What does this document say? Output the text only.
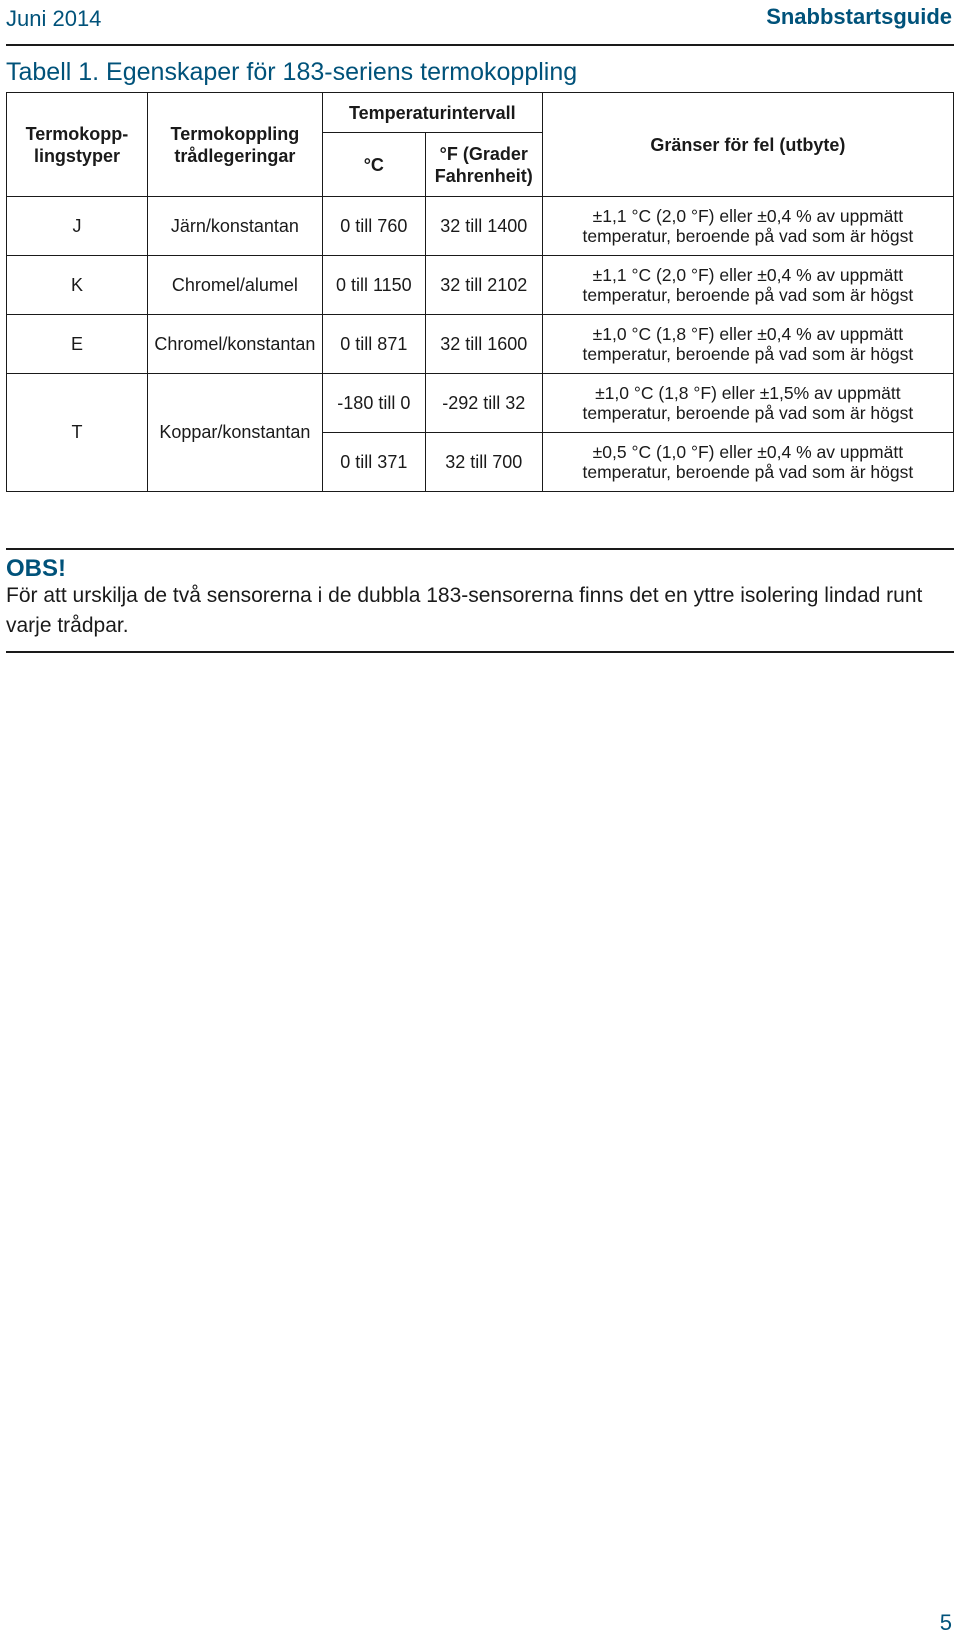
Juni 2014	Snabbstartsguide
Tabell 1. Egenskaper för 183-seriens termokoppling
Termokopp-
lingstyper	Termokoppling
trådlegeringar	Temperaturintervall		Gränser för fel (utbyte)
		°C	°F (Grader
Fahrenheit)	
J	Järn/konstantan	0 till 760	32 till 1400	±1,1 °C (2,0 °F) eller ±0,4 % av uppmätt
temperatur, beroende på vad som är högst
K	Chromel/alumel	0 till 1150	32 till 2102	±1,1 °C (2,0 °F) eller ±0,4 % av uppmätt
temperatur, beroende på vad som är högst
E	Chromel/konstantan	0 till 871	32 till 1600	±1,0 °C (1,8 °F) eller ±0,4 % av uppmätt
temperatur, beroende på vad som är högst
T	Koppar/konstantan	-180 till 0	-292 till 32	±1,0 °C (1,8 °F) eller ±1,5% av uppmätt
temperatur, beroende på vad som är högst
		0 till 371	32 till 700	±0,5 °C (1,0 °F) eller ±0,4 % av uppmätt
temperatur, beroende på vad som är högst
OBS!
För att urskilja de två sensorerna i de dubbla 183-sensorerna finns det en yttre isolering lindad runt varje trådpar.
5
